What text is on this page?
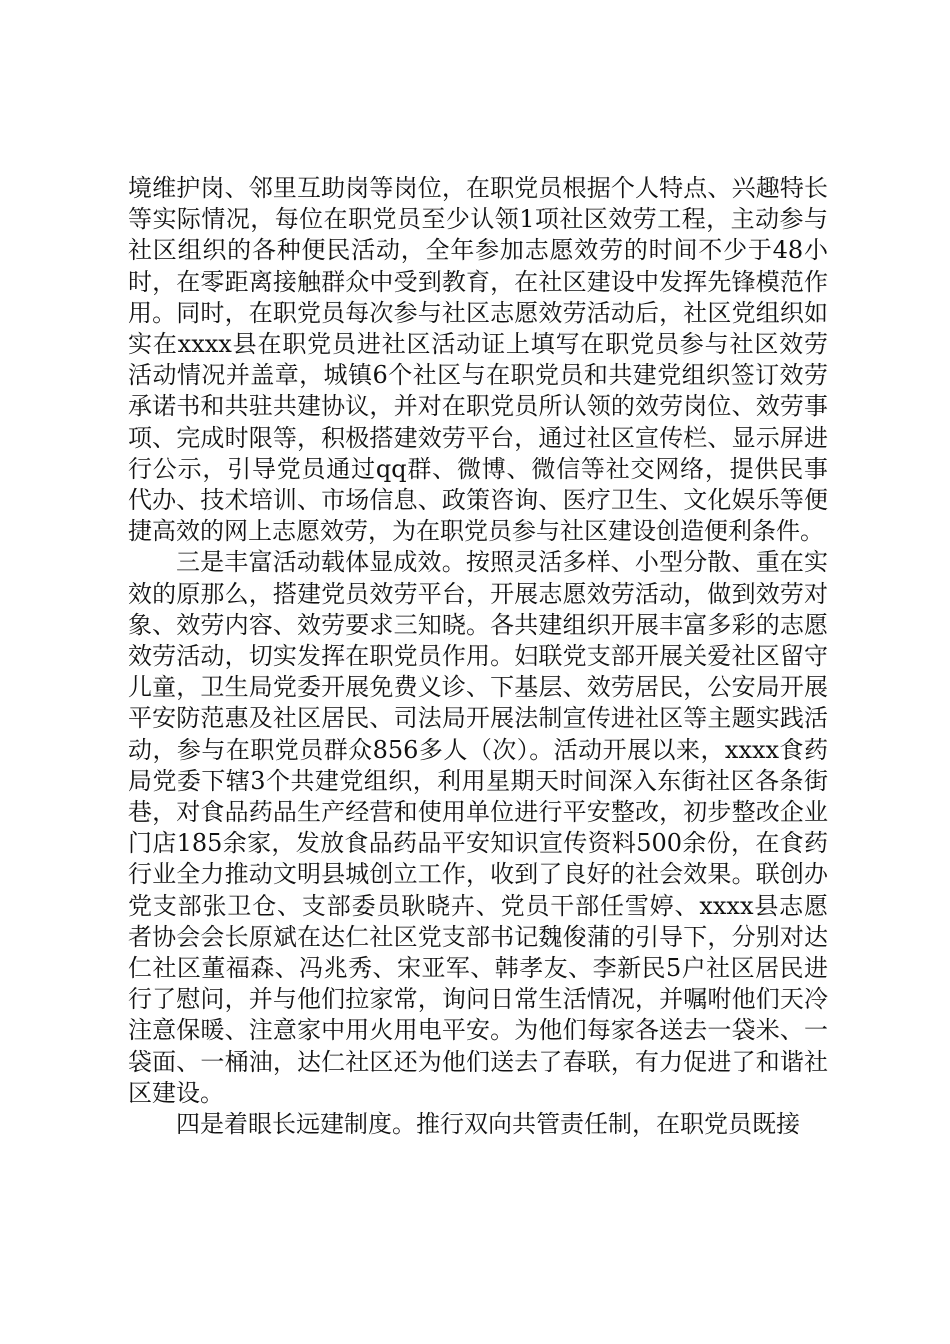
境维护岗、邻里互助岗等岗位，在职党员根据个人特点、兴趣特长等实际情况，每位在职党员至少认领1项社区效劳工程，主动参与社区组织的各种便民活动，全年参加志愿效劳的时间不少于48小时，在零距离接触群众中受到教育，在社区建设中发挥先锋模范作用。同时，在职党员每次参与社区志愿效劳活动后，社区党组织如实在xxxx县在职党员进社区活动证上填写在职党员参与社区效劳活动情况并盖章，城镇6个社区与在职党员和共建党组织签订效劳承诺书和共驻共建协议，并对在职党员所认领的效劳岗位、效劳事项、完成时限等，积极搭建效劳平台，通过社区宣传栏、显示屏进行公示，引导党员通过qq群、微博、微信等社交网络，提供民事代办、技术培训、市场信息、政策咨询、医疗卫生、文化娱乐等便捷高效的网上志愿效劳，为在职党员参与社区建设创造便利条件。

三是丰富活动载体显成效。按照灵活多样、小型分散、重在实效的原那么，搭建党员效劳平台，开展志愿效劳活动，做到效劳对象、效劳内容、效劳要求三知晓。各共建组织开展丰富多彩的志愿效劳活动，切实发挥在职党员作用。妇联党支部开展关爱社区留守儿童，卫生局党委开展免费义诊、下基层、效劳居民，公安局开展平安防范惠及社区居民、司法局开展法制宣传进社区等主题实践活动，参与在职党员群众856多人（次）。活动开展以来，xxxx食药局党委下辖3个共建党组织，利用星期天时间深入东街社区各条街巷，对食品药品生产经营和使用单位进行平安整改，初步整改企业门店185余家，发放食品药品平安知识宣传资料500余份，在食药行业全力推动文明县城创立工作，收到了良好的社会效果。联创办党支部张卫仓、支部委员耿晓卉、党员干部任雪婷、xxxx县志愿者协会会长原斌在达仁社区党支部书记魏俊蒲的引导下，分别对达仁社区董福森、冯兆秀、宋亚军、韩孝友、李新民5户社区居民进行了慰问，并与他们拉家常，询问日常生活情况，并嘱咐他们天冷注意保暖、注意家中用火用电平安。为他们每家各送去一袋米、一袋面、一桶油，达仁社区还为他们送去了春联，有力促进了和谐社区建设。

四是着眼长远建制度。推行双向共管责任制，在职党员既接
